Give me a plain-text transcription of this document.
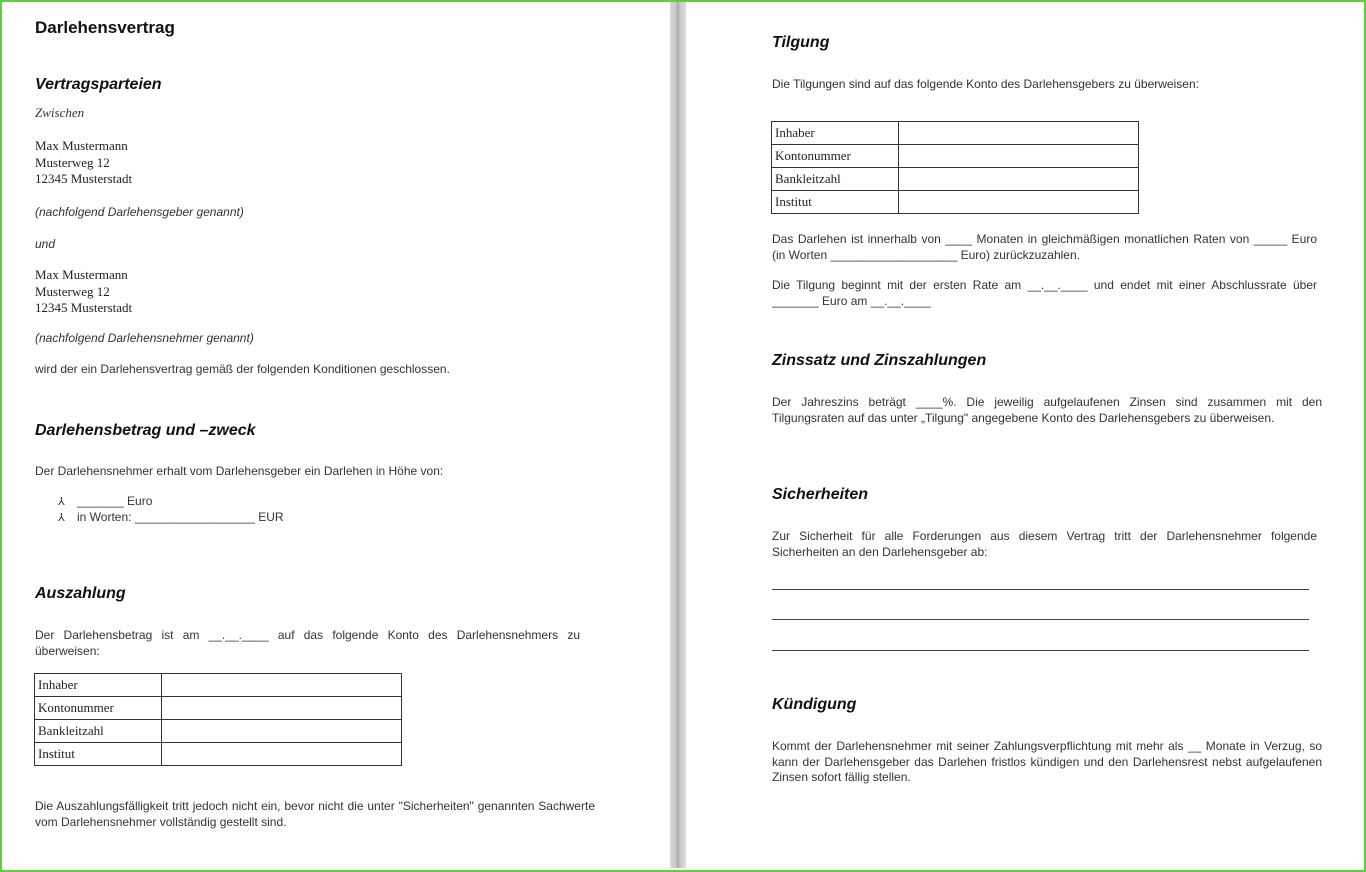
Darlehensvertrag
Vertragsparteien
Zwischen
Max Mustermann
Musterweg 12
12345 Musterstadt
(nachfolgend Darlehensgeber genannt)
und
Max Mustermann
Musterweg 12
12345 Musterstadt
(nachfolgend Darlehensnehmer genannt)
wird der ein Darlehensvertrag gemäß der folgenden Konditionen geschlossen.
Darlehensbetrag und –zweck
Der Darlehensnehmer erhalt vom Darlehensgeber ein Darlehen in Höhe von:
⅄ _______ Euro
⅄ in Worten: __________________ EUR
Auszahlung
Der Darlehensbetrag ist am __.__.____ auf das folgende Konto des Darlehensnehmers zu überweisen:
Inhaber	
Kontonummer	
Bankleitzahl	
Institut	
Die Auszahlungsfälligkeit tritt jedoch nicht ein, bevor nicht die unter "Sicherheiten" genannten Sachwerte vom Darlehensnehmer vollständig gestellt sind.
Tilgung
Die Tilgungen sind auf das folgende Konto des Darlehensgebers zu überweisen:
Inhaber	
Kontonummer	
Bankleitzahl	
Institut	
Das Darlehen ist innerhalb von ____ Monaten in gleichmäßigen monatlichen Raten von _____ Euro (in Worten ___________________ Euro) zurückzuzahlen.
Die Tilgung beginnt mit der ersten Rate am __.__.____ und endet mit einer Abschlussrate über _______ Euro am __.__.____
Zinssatz und Zinszahlungen
Der Jahreszins beträgt ____%. Die jeweilig aufgelaufenen Zinsen sind zusammen mit den Tilgungsraten auf das unter „Tilgung" angegebene Konto des Darlehensgebers zu überweisen.
Sicherheiten
Zur Sicherheit für alle Forderungen aus diesem Vertrag tritt der Darlehensnehmer folgende Sicherheiten an den Darlehensgeber ab:
Kündigung
Kommt der Darlehensnehmer mit seiner Zahlungsverpflichtung mit mehr als __ Monate in Verzug, so kann der Darlehensgeber das Darlehen fristlos kündigen und den Darlehensrest nebst aufgelaufenen Zinsen sofort fällig stellen.
